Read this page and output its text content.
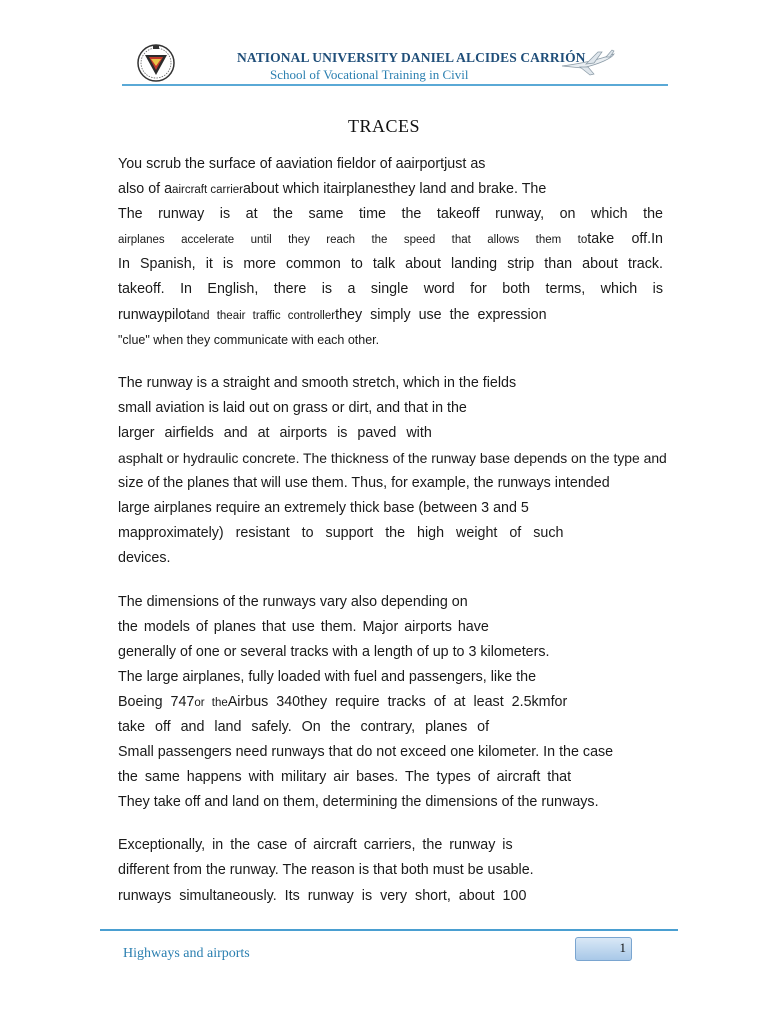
NATIONAL UNIVERSITY DANIEL ALCIDES CARRIÓN
School of Vocational Training in Civil
TRACES
You scrub the surface of aaviation fieldor of aairportjust as
also of aaircraft carrierabout which itairplanesthey land and brake. The
The runway is at the same time the takeoff runway, on which the
airplanes accelerate until they reach the speed that allows them totake off.In
In Spanish, it is more common to talk about landing strip than about track.
takeoff. In English, there is a single word for both terms, which is
runwaypilotand theair traffic controllerthey simply use the expression
"clue" when they communicate with each other.
The runway is a straight and smooth stretch, which in the fields
small aviation is laid out on grass or dirt, and that in the
larger airfields and at airports is paved with
asphalt or hydraulic concrete. The thickness of the runway base depends on the type and
size of the planes that will use them. Thus, for example, the runways intended
large airplanes require an extremely thick base (between 3 and 5
mapproximately) resistant to support the high weight of such
devices.
The dimensions of the runways vary also depending on
the models of planes that use them. Major airports have
generally of one or several tracks with a length of up to 3 kilometers.
The large airplanes, fully loaded with fuel and passengers, like the
Boeing 747or theAirbus 340they require tracks of at least 2.5kmfor
take off and land safely. On the contrary, planes of
Small passengers need runways that do not exceed one kilometer. In the case
the same happens with military air bases. The types of aircraft that
They take off and land on them, determining the dimensions of the runways.
Exceptionally, in the case of aircraft carriers, the runway is
different from the runway. The reason is that both must be usable.
runways simultaneously. Its runway is very short, about 100
Highways and airports	1
